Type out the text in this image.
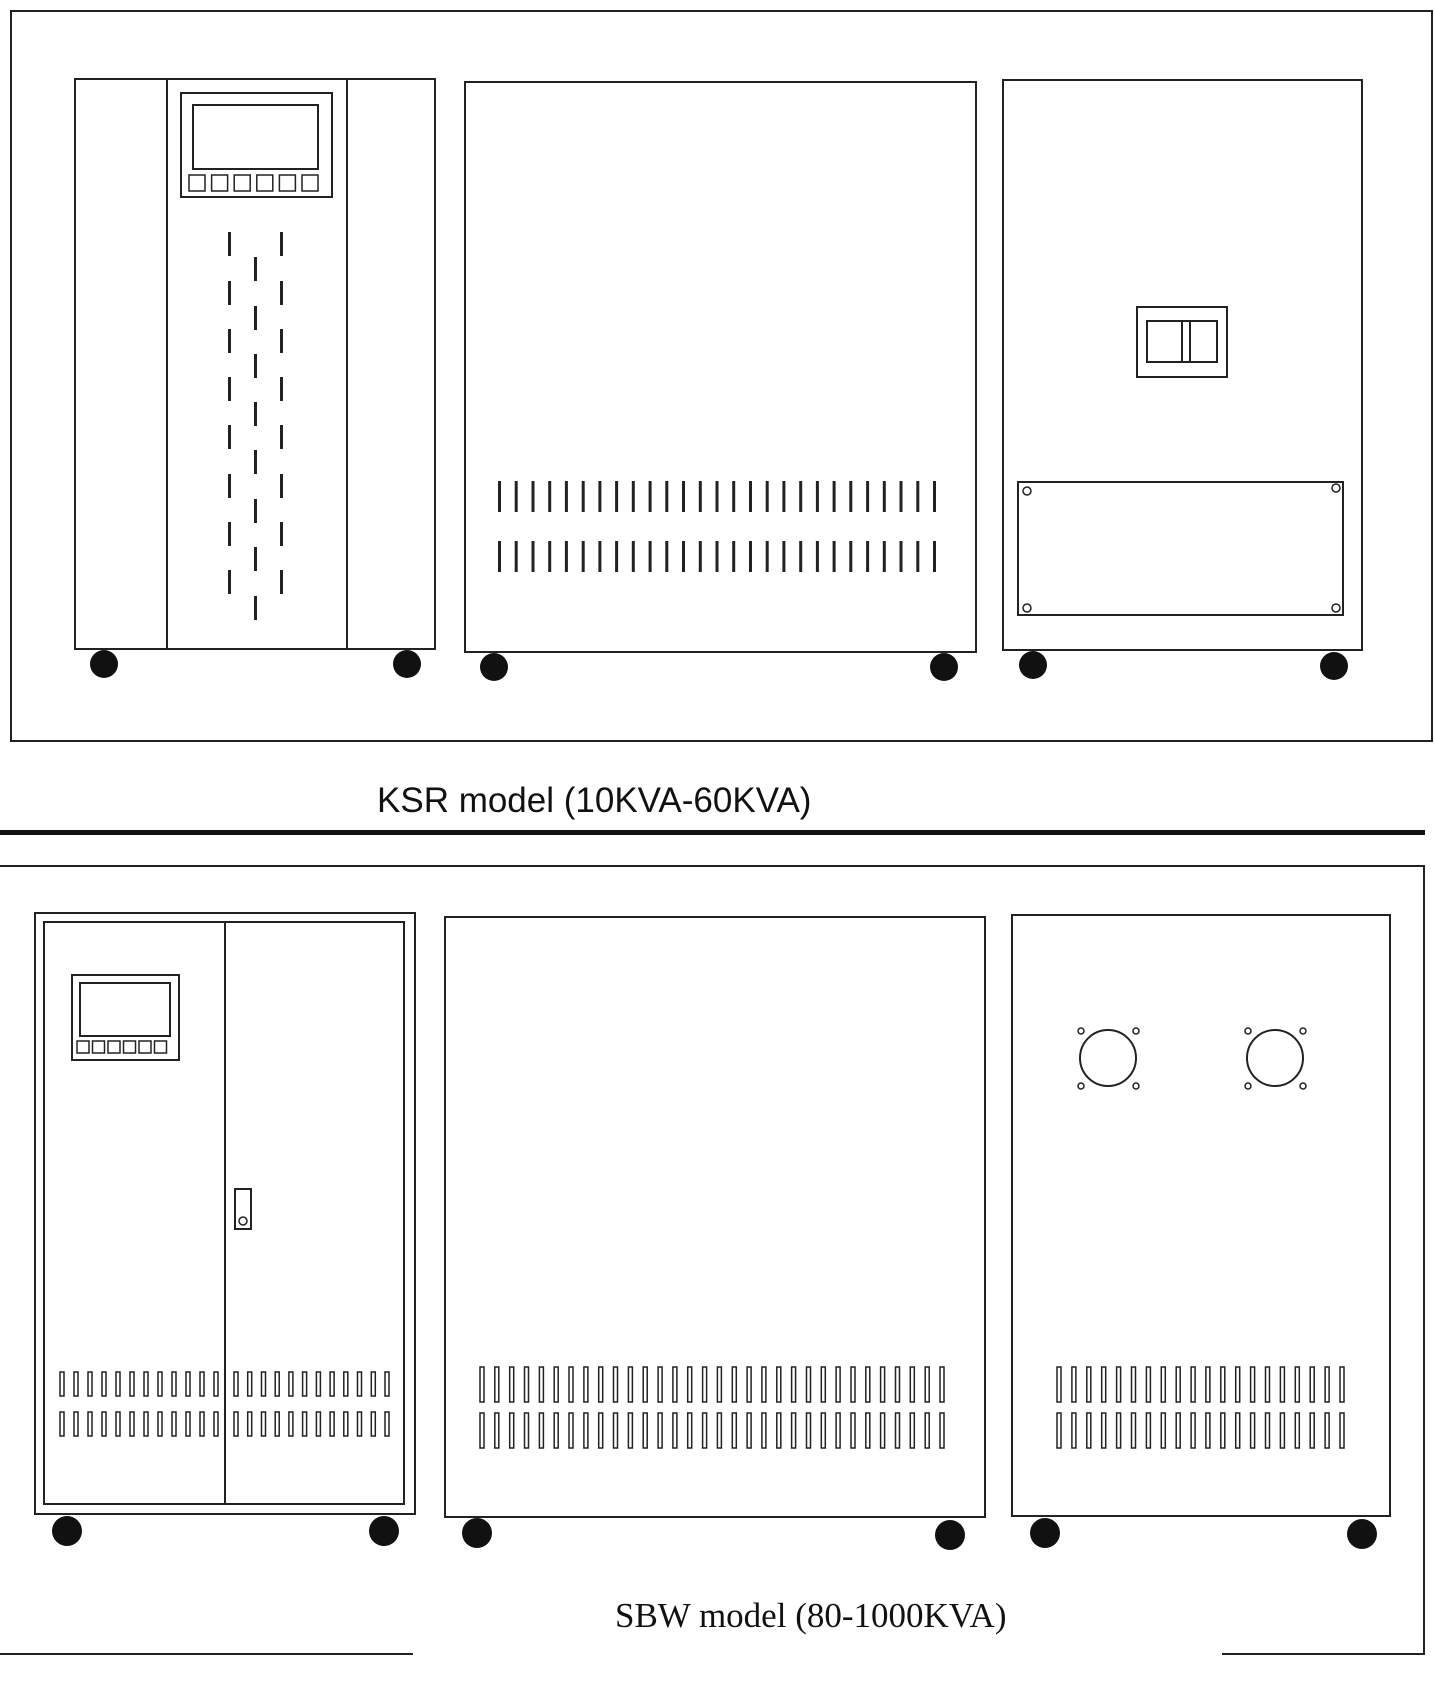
KSR model (10KVA-60KVA)
SBW model (80-1000KVA)
